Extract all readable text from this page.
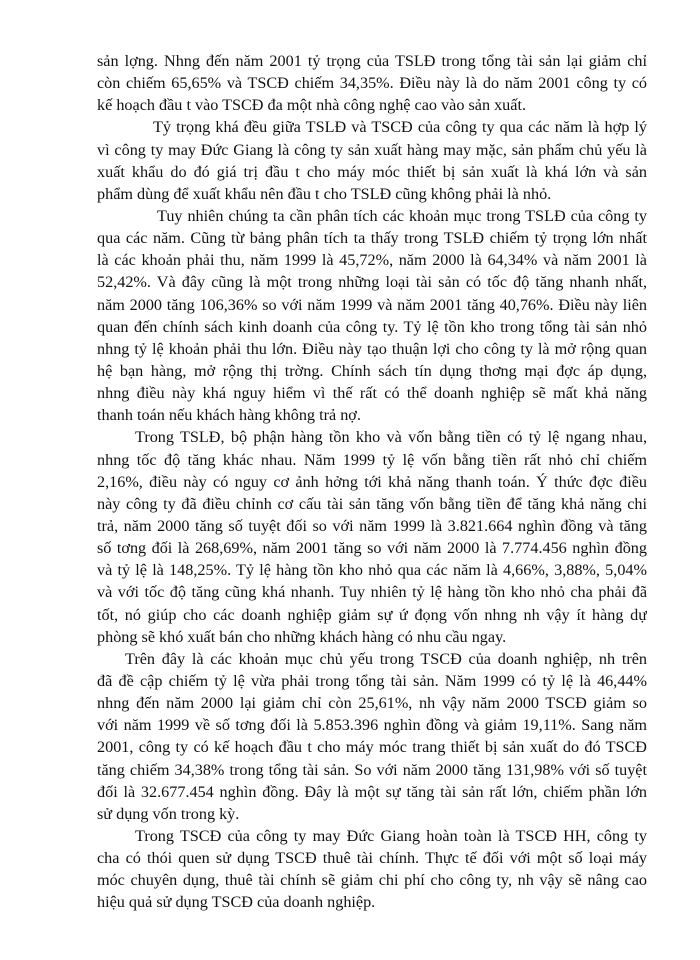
sản lợng. Nhng đến năm 2001 tỷ trọng của TSLĐ trong tổng tài sản lại giảm chỉ
còn chiếm 65,65% và TSCĐ chiếm 34,35%. Điều này là do năm 2001 công ty có
kế hoạch đầu t vào TSCĐ đa một nhà công nghệ cao vào sản xuất.
Tỷ trọng khá đều giữa TSLĐ và TSCĐ của công ty qua các năm là hợp lý
vì công ty may Đức Giang là công ty sản xuất hàng may mặc, sản phẩm chủ yếu là
xuất khẩu do đó giá trị đầu t cho máy móc thiết bị sản xuất là khá lớn và sản
phẩm dùng để xuất khẩu nên đầu t cho TSLĐ cũng không phải là nhỏ.
Tuy nhiên chúng ta cần phân tích các khoản mục trong TSLĐ của công ty
qua các năm. Cũng từ bảng phân tích ta thấy trong TSLĐ chiếm tỷ trọng lớn nhất
là các khoản phải thu, năm 1999 là 45,72%, năm 2000 là 64,34% và năm 2001 là
52,42%. Và đây cũng là một trong những loại tài sản có tốc độ tăng nhanh nhất,
năm 2000 tăng 106,36% so với năm 1999 và năm 2001 tăng 40,76%. Điều này liên
quan đến chính sách kinh doanh của công ty. Tỷ lệ tồn kho trong tổng tài sản nhỏ
nhng tỷ lệ khoản phải thu lớn. Điều này tạo thuận lợi cho công ty là mở rộng quan
hệ bạn hàng, mở rộng thị trờng. Chính sách tín dụng thơng mại đợc áp dụng,
nhng điều này khá nguy hiểm vì thế rất có thể doanh nghiệp sẽ mất khả năng
thanh toán nếu khách hàng không trả nợ.
Trong TSLĐ, bộ phận hàng tồn kho và vốn bằng tiền có tỷ lệ ngang nhau,
nhng tốc độ tăng khác nhau. Năm 1999 tỷ lệ vốn bằng tiền rất nhỏ chỉ chiếm
2,16%, điều này có nguy cơ ảnh hởng tới khả năng thanh toán. Ý thức đợc điều
này công ty đã điều chỉnh cơ cấu tài sản tăng vốn bằng tiền để tăng khả năng chi
trả, năm 2000 tăng số tuyệt đối so với năm 1999 là 3.821.664 nghìn đồng và tăng
số tơng đối là 268,69%, năm 2001 tăng so với năm 2000 là 7.774.456 nghìn đồng
và tỷ lệ là 148,25%. Tỷ lệ hàng tồn kho nhỏ qua các năm là 4,66%, 3,88%, 5,04%
và với tốc độ tăng cũng khá nhanh. Tuy nhiên tỷ lệ hàng tồn kho nhỏ cha phải đã
tốt, nó giúp cho các doanh nghiệp giảm sự ứ đọng vốn nhng nh vậy ít hàng dự
phòng sẽ khó xuất bán cho những khách hàng có nhu cầu ngay.
Trên đây là các khoản mục chủ yếu trong TSCĐ của doanh nghiệp, nh trên
đã đề cập chiếm tỷ lệ vừa phải trong tổng tài sản. Năm 1999 có tỷ lệ là 46,44%
nhng đến năm 2000 lại giảm chỉ còn 25,61%, nh vậy năm 2000 TSCĐ giảm so
với năm 1999 về số tơng đối là 5.853.396 nghìn đồng và giảm 19,11%. Sang năm
2001, công ty có kế hoạch đầu t cho máy móc trang thiết bị sản xuất do đó TSCĐ
tăng chiếm 34,38% trong tổng tài sản. So với năm 2000 tăng 131,98% với số tuyệt
đối là 32.677.454 nghìn đồng. Đây là một sự tăng tài sản rất lớn, chiếm phần lớn
sử dụng vốn trong kỳ.
Trong TSCĐ của công ty may Đức Giang hoàn toàn là TSCĐ HH, công ty
cha có thói quen sử dụng TSCĐ thuê tài chính. Thực tế đối với một số loại máy
móc chuyên dụng, thuê tài chính sẽ giảm chi phí cho công ty, nh vậy sẽ nâng cao
hiệu quả sử dụng TSCĐ của doanh nghiệp.
